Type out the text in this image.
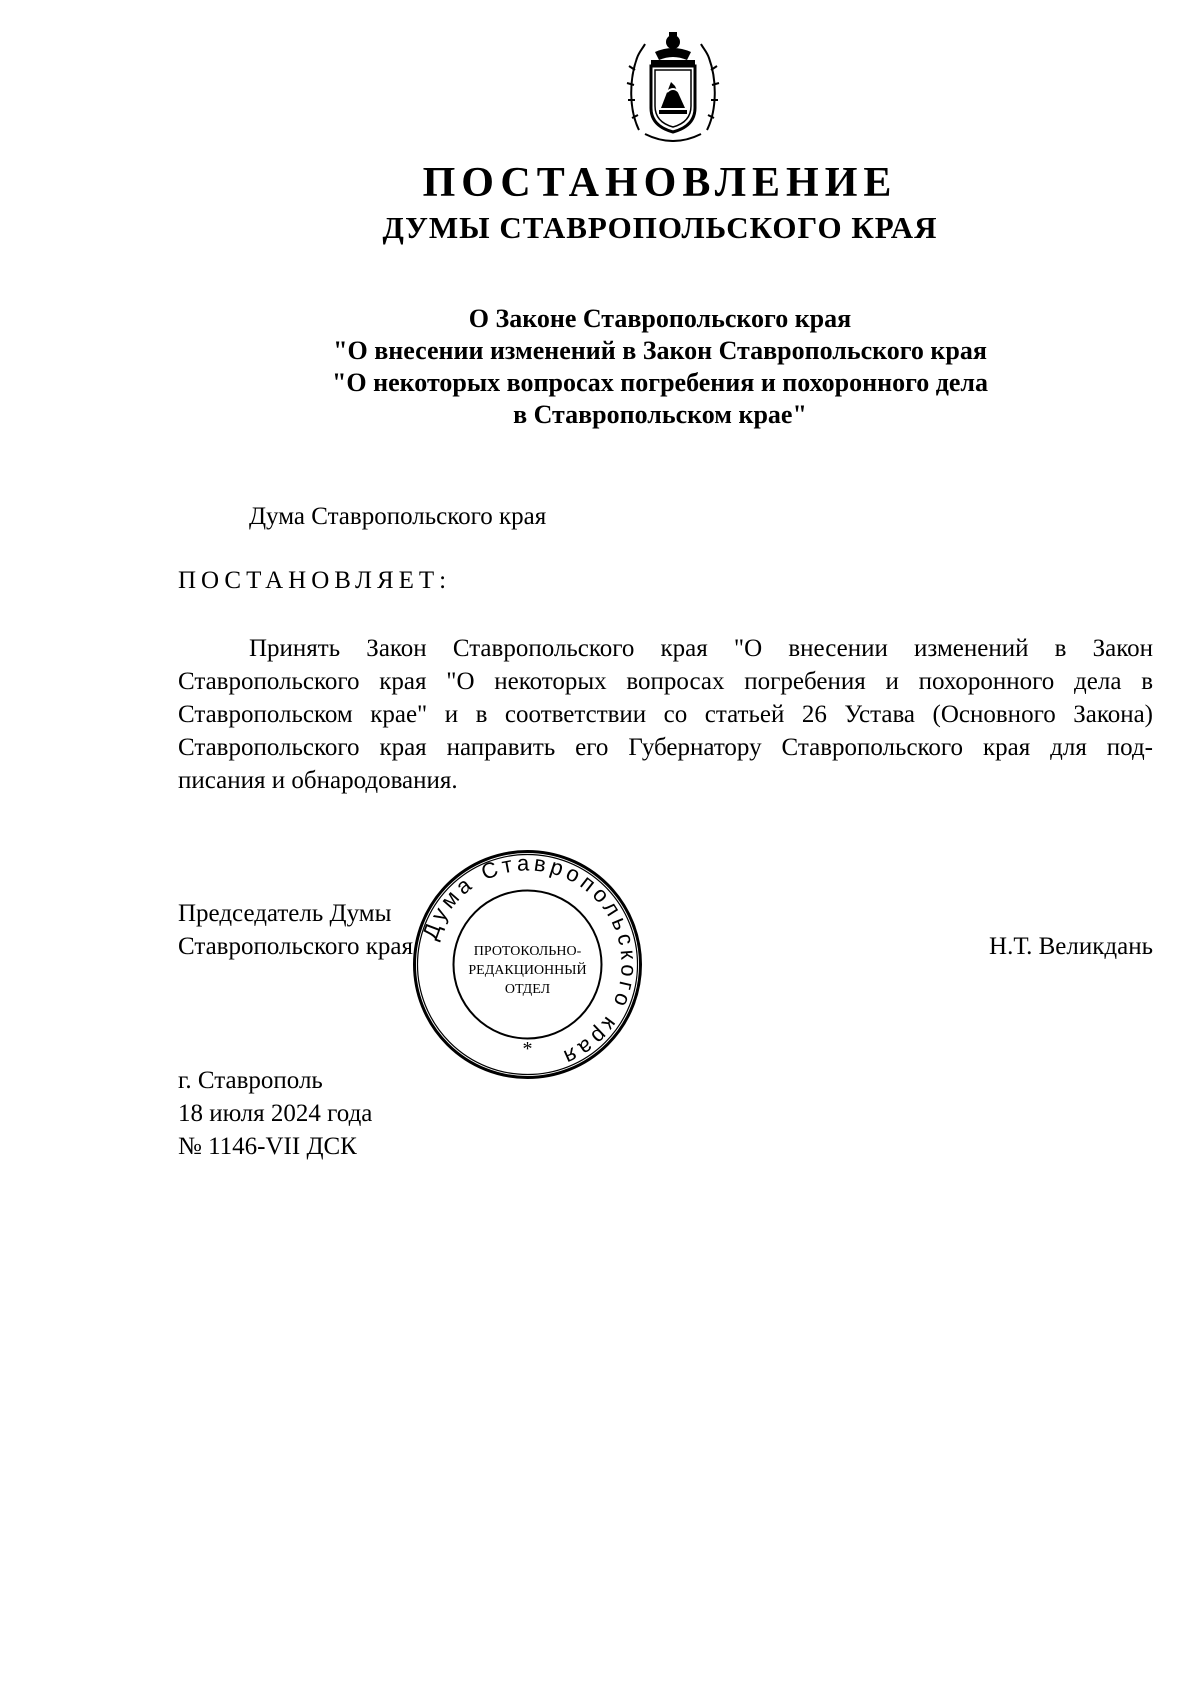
ПОСТАНОВЛЕНИЕ
ДУМЫ СТАВРОПОЛЬСКОГО КРАЯ
О Законе Ставропольского края
"О внесении изменений в Закон Ставропольского края
"О некоторых вопросах погребения и похоронного дела
в Ставропольском крае"
Дума Ставропольского края
ПОСТАНОВЛЯЕТ:
Принять Закон Ставропольского края "О внесении изменений в Закон
Ставропольского края "О некоторых вопросах погребения и похоронного дела в
Ставропольском крае" и в соответствии со статьей 26 Устава (Основного Закона)
Ставропольского края направить его Губернатору Ставропольского края для под-
писания и обнародования.
Председатель Думы
Ставропольского края
Дума Ставропольского края
ПРОТОКОЛЬНО-
РЕДАКЦИОННЫЙ
ОТДЕЛ
*
Н.Т. Великдань
г. Ставрополь
18 июля 2024 года
№ 1146-VII ДСК
